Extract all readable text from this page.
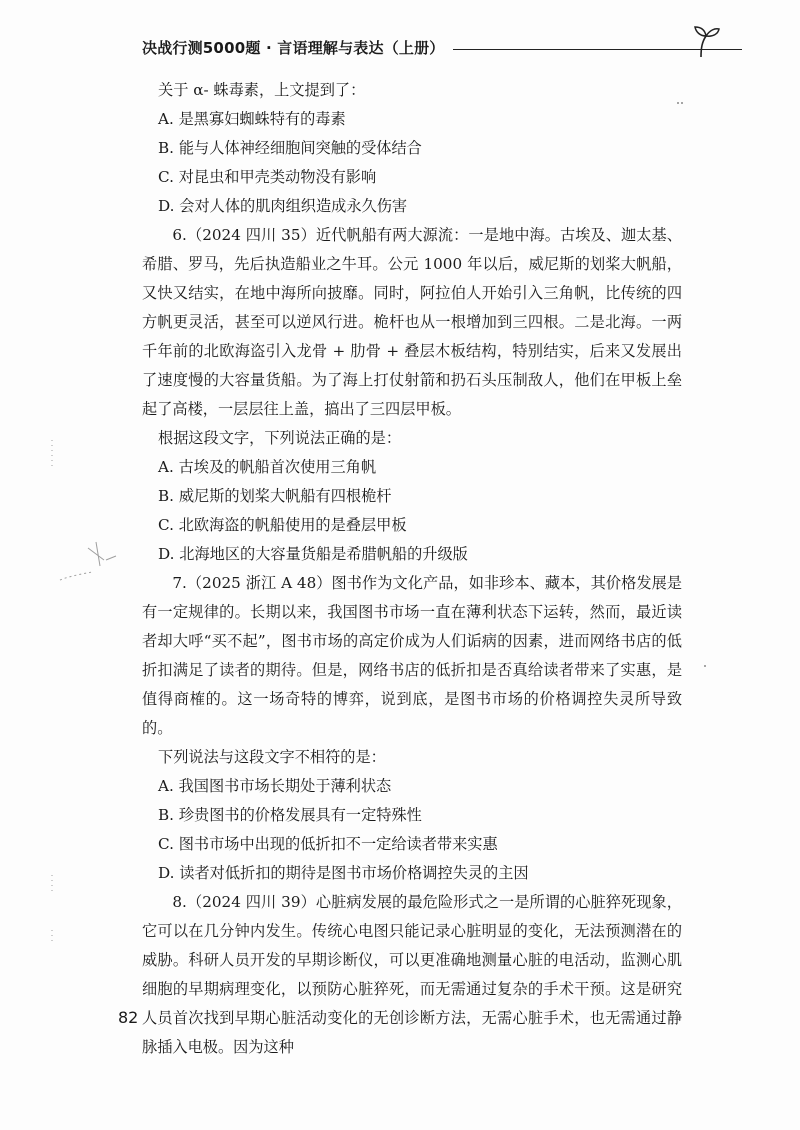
决战行测5000题 · 言语理解与表达（上册）

关于 α- 蛛毒素，上文提到了：

A. 是黑寡妇蜘蛛特有的毒素

B. 能与人体神经细胞间突触的受体结合

C. 对昆虫和甲壳类动物没有影响

D. 会对人体的肌肉组织造成永久伤害

6.（2024 四川 35）近代帆船有两大源流：一是地中海。古埃及、迦太基、希腊、罗马，先后执造船业之牛耳。公元 1000 年以后，威尼斯的划桨大帆船，又快又结实，在地中海所向披靡。同时，阿拉伯人开始引入三角帆，比传统的四方帆更灵活，甚至可以逆风行进。桅杆也从一根增加到三四根。二是北海。一两千年前的北欧海盗引入龙骨 + 肋骨 + 叠层木板结构，特别结实，后来又发展出了速度慢的大容量货船。为了海上打仗射箭和扔石头压制敌人，他们在甲板上垒起了高楼，一层层往上盖，搞出了三四层甲板。

根据这段文字，下列说法正确的是：

A. 古埃及的帆船首次使用三角帆

B. 威尼斯的划桨大帆船有四根桅杆

C. 北欧海盗的帆船使用的是叠层甲板

D. 北海地区的大容量货船是希腊帆船的升级版

7.（2025 浙江 A 48）图书作为文化产品，如非珍本、藏本，其价格发展是有一定规律的。长期以来，我国图书市场一直在薄利状态下运转，然而，最近读者却大呼“买不起”，图书市场的高定价成为人们诟病的因素，进而网络书店的低折扣满足了读者的期待。但是，网络书店的低折扣是否真给读者带来了实惠，是值得商榷的。这一场奇特的博弈，说到底，是图书市场的价格调控失灵所导致的。

下列说法与这段文字不相符的是：

A. 我国图书市场长期处于薄利状态

B. 珍贵图书的价格发展具有一定特殊性

C. 图书市场中出现的低折扣不一定给读者带来实惠

D. 读者对低折扣的期待是图书市场价格调控失灵的主因

8.（2024 四川 39）心脏病发展的最危险形式之一是所谓的心脏猝死现象，它可以在几分钟内发生。传统心电图只能记录心脏明显的变化，无法预测潜在的威胁。科研人员开发的早期诊断仪，可以更准确地测量心脏的电活动，监测心肌细胞的早期病理变化，以预防心脏猝死，而无需通过复杂的手术干预。这是研究人员首次找到早期心脏活动变化的无创诊断方法，无需心脏手术，也无需通过静脉插入电极。因为这种

82
